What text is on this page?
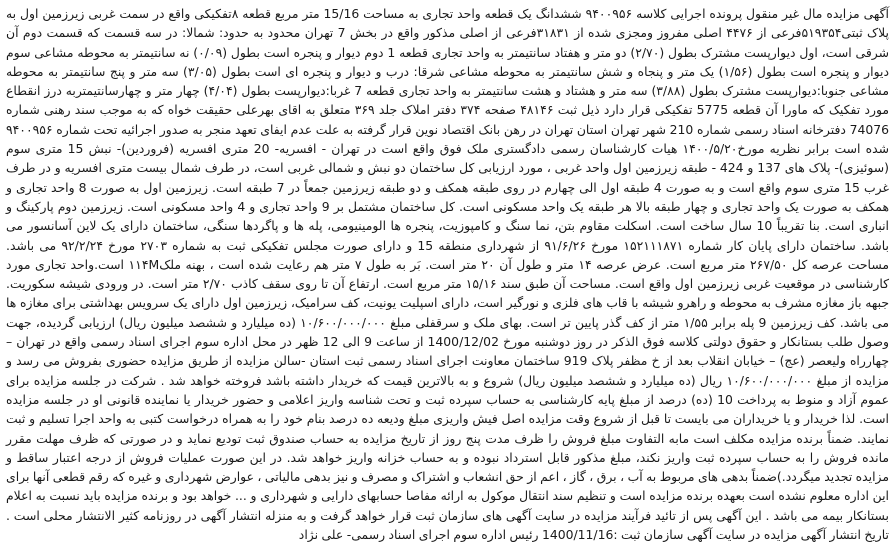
آگهی مزایده مال غیر منقول پرونده اجرایی کلاسه ۹۴۰۰۹۵۶ ششدانگ یک قطعه واحد تجاری به مساحت 15/16 متر مربع قطعه ۸تفکیکی واقع در سمت غربی زیرزمین اول به پلاک ثبتی۵۱۹۳۵۴فرعی از ۴۴۷۶ اصلی مفروز ومجزی شده از ۳۱۸۳۱فرعی از اصلی مذکور واقع در بخش 7 تهران محدود به حدود: شمالا: در سه قسمت که قسمت دوم آن شرقی است، اول دیوارپست مشترک بطول (۲/۷۰) دو متر و هفتاد سانتیمتر به واحد تجاری قطعه 1 دوم دیوار و پنجره است بطول (۰/۰۹) نه سانتیمتر به محوطه مشاعی سوم دیوار و پنجره است بطول (۱/۵۶) یک متر و پنجاه و شش سانتیمتر به محوطه مشاعی شرقا: درب و دیوار و پنجره ای است بطول (۳/۰۵) سه متر و پنج سانتیمتر به محوطه مشاعی جنوبا:دیوارپست مشترک بطول (۳/۸۸) سه متر و هشتاد و هشت سانتیمتر به واحد تجاری قطعه 7 غربا:دیوارپست بطول (۴/۰۴) چهار متر و چهارسانتیمتربه درز انقطاع مورد تفکیک که ماورا آن قطعه 5775 تفکیکی قرار دارد ذیل ثبت ۴۸۱۴۶ صفحه ۳۷۴ دفتر املاک جلد ۳۶۹ متعلق به اقای بهرعلی حقیقت خواه که به موجب سند رهنی شماره 74076 دفترخانه اسناد رسمی شماره 210 شهر تهران استان تهران در رهن بانک اقتصاد نوین قرار گرفته به علت عدم ایفای تعهد منجر به صدور اجرائیه تحت شماره ۹۴۰۰۹۵۶ شده است برابر نظریه مورخ۱۴۰۰/۵/۲۰ هیات کارشناسان رسمی دادگستری ملک فوق واقع است در تهران - افسریه- 20 متری افسریه (فروردین)- نبش 15 متری سوم (سوئیزی)- پلاک های 137 و 424 - طبقه زیرزمین اول واحد غربی ، مورد ارزیابی کل ساختمان دو نبش و شمالی غربی است، در طرف شمال بیست متری افسریه و در طرف غرب 15 متری سوم واقع است و به صورت 4 طبقه اول الی چهارم در روی طبقه همکف و دو طبقه زیرزمین جمعاً در 7 طبقه است. زیرزمین اول به صورت 8 واحد تجاری و همکف به صورت یک واحد تجاری و چهار طبقه بالا هر طبقه یک واحد مسکونی است. کل ساختمان مشتمل بر 9 واحد تجاری و 4 واحد مسکونی است. زیرزمین دوم پارکینگ و انباری است. بنا تقریباً 10 سال ساخت است. اسکلت مقاوم بتن، نما سنگ و کامپوزیت، پنجره ها الومینیومی، پله ها و پاگردها سنگی، ساختمان دارای یک لاین آسانسور می باشد. ساختمان دارای پایان کار شماره ۱۵۲۱۱۱۸۷۱ مورخ ۹۱/۶/۲۶ از شهرداری منطقه 15 و دارای صورت مجلس تفکیکی ثبت به شماره ۲۷۰۳ مورخ ۹۲/۲/۲۴ می باشد. مساحت عرصه کل ۲۶۷/۵۰ متر مربع است. عرض عرصه ۱۴ متر و طول آن ۲۰ متر است. بَر به طول ۷ متر هم رعایت شده است ، بهنه ملک۱۱۴M است.واحد تجاری مورد کارشناسی در موقعیت غربی زیرزمین اول واقع است. مساحت آن طبق سند ۱۵/۱۶ متر مربع است. ارتفاع آن تا روی سقف کاذب ۲/۷۰ متر است. در ورودی شیشه سکوریت. جبهه باز مغازه مشرف به محوطه و راهرو شیشه با قاب های فلزی و نورگیر است، دارای اسپلیت یونیت، کف سرامیک، زیرزمین اول دارای یک سرویس بهداشتی برای مغازه ها می باشد. کف زیرزمین 9 پله برابر ۱/۵۵ متر از کف گذر پایین تر است. بهای ملک و سرقفلی مبلغ ۱۰/۶۰۰/۰۰۰/۰۰۰ (ده میلیارد و ششصد میلیون ریال) ارزیابی گردیده، جهت وصول طلب بستانکار و حقوق دولتی کلاسه فوق الذکر در روز دوشنبه مورخ 1400/12/02 از ساعت 9 الی 12 ظهر در محل اداره سوم اجرای اسناد رسمی واقع در تهران – چهارراه ولیعصر (عج) – خیابان انقلاب بعد از خ مظفر پلاک 919 ساختمان معاونت اجرای اسناد رسمی ثبت استان -سالن مزایده از طریق مزایده حضوری بفروش می رسد و مزایده از مبلغ ۱۰/۶۰۰/۰۰۰/۰۰۰ ریال (ده میلیارد و ششصد میلیون ریال) شروع و به بالاترین قیمت که خریدار داشته باشد فروخته خواهد شد . شرکت در جلسه مزایده برای عموم آزاد و منوط به پرداخت 10 (ده) درصد از مبلغ پایه کارشناسی به حساب سپرده ثبت و تحت شناسه واریز اعلامی و حضور خریدار یا نماینده قانونی او در جلسه مزایده است. لذا خریدار و یا خریداران می بایست تا قبل از شروع وقت مزایده اصل فیش واریزی مبلغ ودیعه ده درصد بنام خود را به همراه درخواست کتبی به واحد اجرا تسلیم و ثبت نمایند. ضمناً برنده مزایده مکلف است مابه التفاوت مبلغ فروش را ظرف مدت پنج روز از تاریخ مزایده به حساب صندوق ثبت تودیع نماید و در صورتی که ظرف مهلت مقرر مانده فروش را به حساب سپرده ثبت واریز نکند، مبلغ مذکور قابل استرداد نبوده و به حساب خزانه واریز خواهد شد. در این صورت عملیات فروش از درجه اعتبار ساقط و مزایده تجدید میگردد.)ضمناً بدهی های مربوط به آب ، برق ، گاز ، اعم از حق انشعاب و اشتراک و مصرف و نیز بدهی مالیاتی ، عوارض شهرداری و غیره که رقم قطعی آنها برای این اداره معلوم نشده است بعهده برنده مزایده است و تنظیم سند انتقال موکول به ارائه مفاصا حسابهای دارایی و شهرداری و ... خواهد بود و برنده مزایده باید نسبت به اعلام بستانکار بیمه می باشد . این آگهی پس از تائید فرآیند مزایده در سایت آگهی های سازمان ثبت قرار خواهد گرفت و به منزله انتشار آگهی در روزنامه کثیر الانتشار محلی است . تاریخ انتشار آگهی مزایده در سایت آگهی سازمان ثبت :1400/11/16 رئیس اداره سوم اجرای اسناد رسمی- علی نژاد
